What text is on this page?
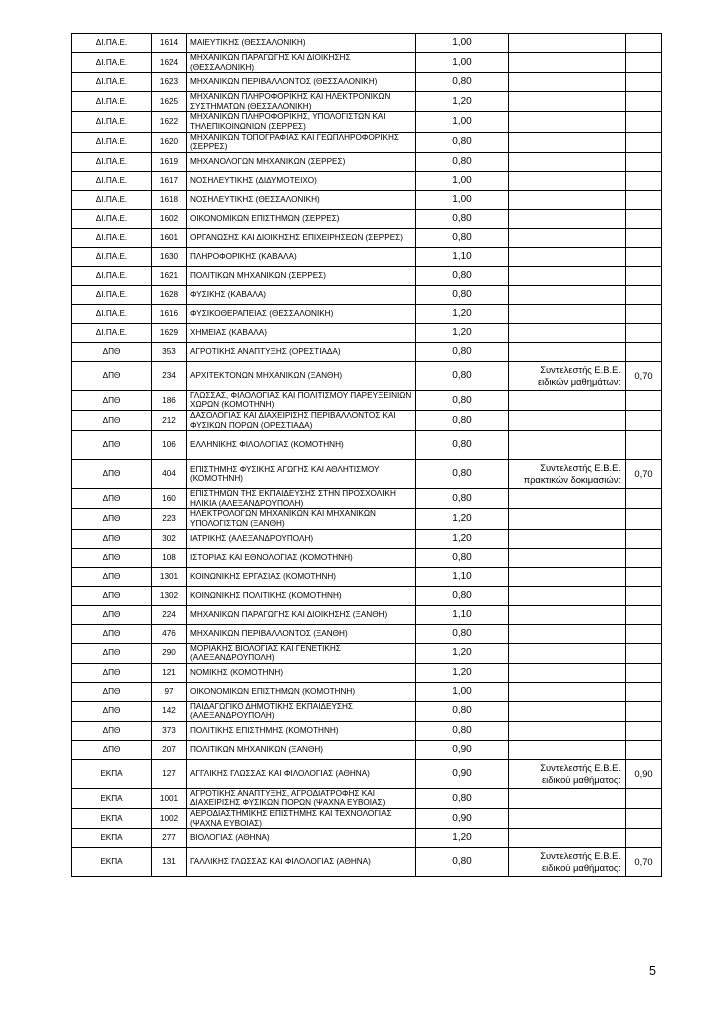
ΔΙ.ΠΑ.Ε.	1614	ΜΑΙΕΥΤΙΚΗΣ (ΘΕΣΣΑΛΟΝΙΚΗ)	1,00		
ΔΙ.ΠΑ.Ε.	1624	ΜΗΧΑΝΙΚΩΝ ΠΑΡΑΓΩΓΗΣ ΚΑΙ ΔΙΟΙΚΗΣΗΣ (ΘΕΣΣΑΛΟΝΙΚΗ)	1,00		
ΔΙ.ΠΑ.Ε.	1623	ΜΗΧΑΝΙΚΩΝ ΠΕΡΙΒΑΛΛΟΝΤΟΣ (ΘΕΣΣΑΛΟΝΙΚΗ)	0,80		
ΔΙ.ΠΑ.Ε.	1625	ΜΗΧΑΝΙΚΩΝ ΠΛΗΡΟΦΟΡΙΚΗΣ ΚΑΙ ΗΛΕΚΤΡΟΝΙΚΩΝ ΣΥΣΤΗΜΑΤΩΝ (ΘΕΣΣΑΛΟΝΙΚΗ)	1,20		
ΔΙ.ΠΑ.Ε.	1622	ΜΗΧΑΝΙΚΩΝ ΠΛΗΡΟΦΟΡΙΚΗΣ, ΥΠΟΛΟΓΙΣΤΩΝ ΚΑΙ ΤΗΛΕΠΙΚΟΙΝΩΝΙΩΝ (ΣΕΡΡΕΣ)	1,00		
ΔΙ.ΠΑ.Ε.	1620	ΜΗΧΑΝΙΚΩΝ ΤΟΠΟΓΡΑΦΙΑΣ ΚΑΙ ΓΕΩΠΛΗΡΟΦΟΡΙΚΗΣ (ΣΕΡΡΕΣ)	0,80		
ΔΙ.ΠΑ.Ε.	1619	ΜΗΧΑΝΟΛΟΓΩΝ ΜΗΧΑΝΙΚΩΝ (ΣΕΡΡΕΣ)	0,80		
ΔΙ.ΠΑ.Ε.	1617	ΝΟΣΗΛΕΥΤΙΚΗΣ (ΔΙΔΥΜΟΤΕΙΧΟ)	1,00		
ΔΙ.ΠΑ.Ε.	1618	ΝΟΣΗΛΕΥΤΙΚΗΣ (ΘΕΣΣΑΛΟΝΙΚΗ)	1,00		
ΔΙ.ΠΑ.Ε.	1602	ΟΙΚΟΝΟΜΙΚΩΝ ΕΠΙΣΤΗΜΩΝ (ΣΕΡΡΕΣ)	0,80		
ΔΙ.ΠΑ.Ε.	1601	ΟΡΓΑΝΩΣΗΣ ΚΑΙ ΔΙΟΙΚΗΣΗΣ ΕΠΙΧΕΙΡΗΣΕΩΝ (ΣΕΡΡΕΣ)	0,80		
ΔΙ.ΠΑ.Ε.	1630	ΠΛΗΡΟΦΟΡΙΚΗΣ (ΚΑΒΑΛΑ)	1,10		
ΔΙ.ΠΑ.Ε.	1621	ΠΟΛΙΤΙΚΩΝ ΜΗΧΑΝΙΚΩΝ (ΣΕΡΡΕΣ)	0,80		
ΔΙ.ΠΑ.Ε.	1628	ΦΥΣΙΚΗΣ (ΚΑΒΑΛΑ)	0,80		
ΔΙ.ΠΑ.Ε.	1616	ΦΥΣΙΚΟΘΕΡΑΠΕΙΑΣ (ΘΕΣΣΑΛΟΝΙΚΗ)	1,20		
ΔΙ.ΠΑ.Ε.	1629	ΧΗΜΕΙΑΣ (ΚΑΒΑΛΑ)	1,20		
ΔΠΘ	353	ΑΓΡΟΤΙΚΗΣ ΑΝΑΠΤΥΞΗΣ (ΟΡΕΣΤΙΑΔΑ)	0,80		
ΔΠΘ	234	ΑΡΧΙΤΕΚΤΟΝΩΝ ΜΗΧΑΝΙΚΩΝ (ΞΑΝΘΗ)	0,80	Συντελεστής Ε.Β.Ε. ειδικών μαθημάτων:	0,70
ΔΠΘ	186	ΓΛΩΣΣΑΣ, ΦΙΛΟΛΟΓΙΑΣ ΚΑΙ ΠΟΛΙΤΙΣΜΟΥ ΠΑΡΕΥΞΕΙΝΙΩΝ ΧΩΡΩΝ (ΚΟΜΟΤΗΝΗ)	0,80		
ΔΠΘ	212	ΔΑΣΟΛΟΓΙΑΣ ΚΑΙ ΔΙΑΧΕΙΡΙΣΗΣ ΠΕΡΙΒΑΛΛΟΝΤΟΣ ΚΑΙ ΦΥΣΙΚΩΝ ΠΟΡΩΝ (ΟΡΕΣΤΙΑΔΑ)	0,80		
ΔΠΘ	106	ΕΛΛΗΝΙΚΗΣ ΦΙΛΟΛΟΓΙΑΣ (ΚΟΜΟΤΗΝΗ)	0,80		
ΔΠΘ	404	ΕΠΙΣΤΗΜΗΣ ΦΥΣΙΚΗΣ ΑΓΩΓΗΣ ΚΑΙ ΑΘΛΗΤΙΣΜΟΥ (ΚΟΜΟΤΗΝΗ)	0,80	Συντελεστής Ε.Β.Ε. πρακτικών δοκιμασιών:	0,70
ΔΠΘ	160	ΕΠΙΣΤΗΜΩΝ ΤΗΣ ΕΚΠΑΙΔΕΥΣΗΣ ΣΤΗΝ ΠΡΟΣΧΟΛΙΚΗ ΗΛΙΚΙΑ (ΑΛΕΞΑΝΔΡΟΥΠΟΛΗ)	0,80		
ΔΠΘ	223	ΗΛΕΚΤΡΟΛΟΓΩΝ ΜΗΧΑΝΙΚΩΝ ΚΑΙ ΜΗΧΑΝΙΚΩΝ ΥΠΟΛΟΓΙΣΤΩΝ (ΞΑΝΘΗ)	1,20		
ΔΠΘ	302	ΙΑΤΡΙΚΗΣ (ΑΛΕΞΑΝΔΡΟΥΠΟΛΗ)	1,20		
ΔΠΘ	108	ΙΣΤΟΡΙΑΣ ΚΑΙ ΕΘΝΟΛΟΓΙΑΣ (ΚΟΜΟΤΗΝΗ)	0,80		
ΔΠΘ	1301	ΚΟΙΝΩΝΙΚΗΣ ΕΡΓΑΣΙΑΣ (ΚΟΜΟΤΗΝΗ)	1,10		
ΔΠΘ	1302	ΚΟΙΝΩΝΙΚΗΣ ΠΟΛΙΤΙΚΗΣ (ΚΟΜΟΤΗΝΗ)	0,80		
ΔΠΘ	224	ΜΗΧΑΝΙΚΩΝ ΠΑΡΑΓΩΓΗΣ ΚΑΙ ΔΙΟΙΚΗΣΗΣ (ΞΑΝΘΗ)	1,10		
ΔΠΘ	476	ΜΗΧΑΝΙΚΩΝ ΠΕΡΙΒΑΛΛΟΝΤΟΣ (ΞΑΝΘΗ)	0,80		
ΔΠΘ	290	ΜΟΡΙΑΚΗΣ ΒΙΟΛΟΓΙΑΣ ΚΑΙ ΓΕΝΕΤΙΚΗΣ (ΑΛΕΞΑΝΔΡΟΥΠΟΛΗ)	1,20		
ΔΠΘ	121	ΝΟΜΙΚΗΣ (ΚΟΜΟΤΗΝΗ)	1,20		
ΔΠΘ	97	ΟΙΚΟΝΟΜΙΚΩΝ ΕΠΙΣΤΗΜΩΝ (ΚΟΜΟΤΗΝΗ)	1,00		
ΔΠΘ	142	ΠΑΙΔΑΓΩΓΙΚΟ ΔΗΜΟΤΙΚΗΣ ΕΚΠΑΙΔΕΥΣΗΣ (ΑΛΕΞΑΝΔΡΟΥΠΟΛΗ)	0,80		
ΔΠΘ	373	ΠΟΛΙΤΙΚΗΣ ΕΠΙΣΤΗΜΗΣ (ΚΟΜΟΤΗΝΗ)	0,80		
ΔΠΘ	207	ΠΟΛΙΤΙΚΩΝ ΜΗΧΑΝΙΚΩΝ (ΞΑΝΘΗ)	0,90		
ΕΚΠΑ	127	ΑΓΓΛΙΚΗΣ ΓΛΩΣΣΑΣ ΚΑΙ ΦΙΛΟΛΟΓΙΑΣ (ΑΘΗΝΑ)	0,90	Συντελεστής Ε.Β.Ε. ειδικού μαθήματος:	0,90
ΕΚΠΑ	1001	ΑΓΡΟΤΙΚΗΣ ΑΝΑΠΤΥΞΗΣ, ΑΓΡΟΔΙΑΤΡΟΦΗΣ ΚΑΙ ΔΙΑΧΕΙΡΙΣΗΣ ΦΥΣΙΚΩΝ ΠΟΡΩΝ (ΨΑΧΝΑ ΕΥΒΟΙΑΣ)	0,80		
ΕΚΠΑ	1002	ΑΕΡΟΔΙΑΣΤΗΜΙΚΗΣ ΕΠΙΣΤΗΜΗΣ ΚΑΙ ΤΕΧΝΟΛΟΓΙΑΣ (ΨΑΧΝΑ ΕΥΒΟΙΑΣ)	0,90		
ΕΚΠΑ	277	ΒΙΟΛΟΓΙΑΣ (ΑΘΗΝΑ)	1,20		
ΕΚΠΑ	131	ΓΑΛΛΙΚΗΣ ΓΛΩΣΣΑΣ ΚΑΙ ΦΙΛΟΛΟΓΙΑΣ (ΑΘΗΝΑ)	0,80	Συντελεστής Ε.Β.Ε. ειδικού μαθήματος:	0,70
5
